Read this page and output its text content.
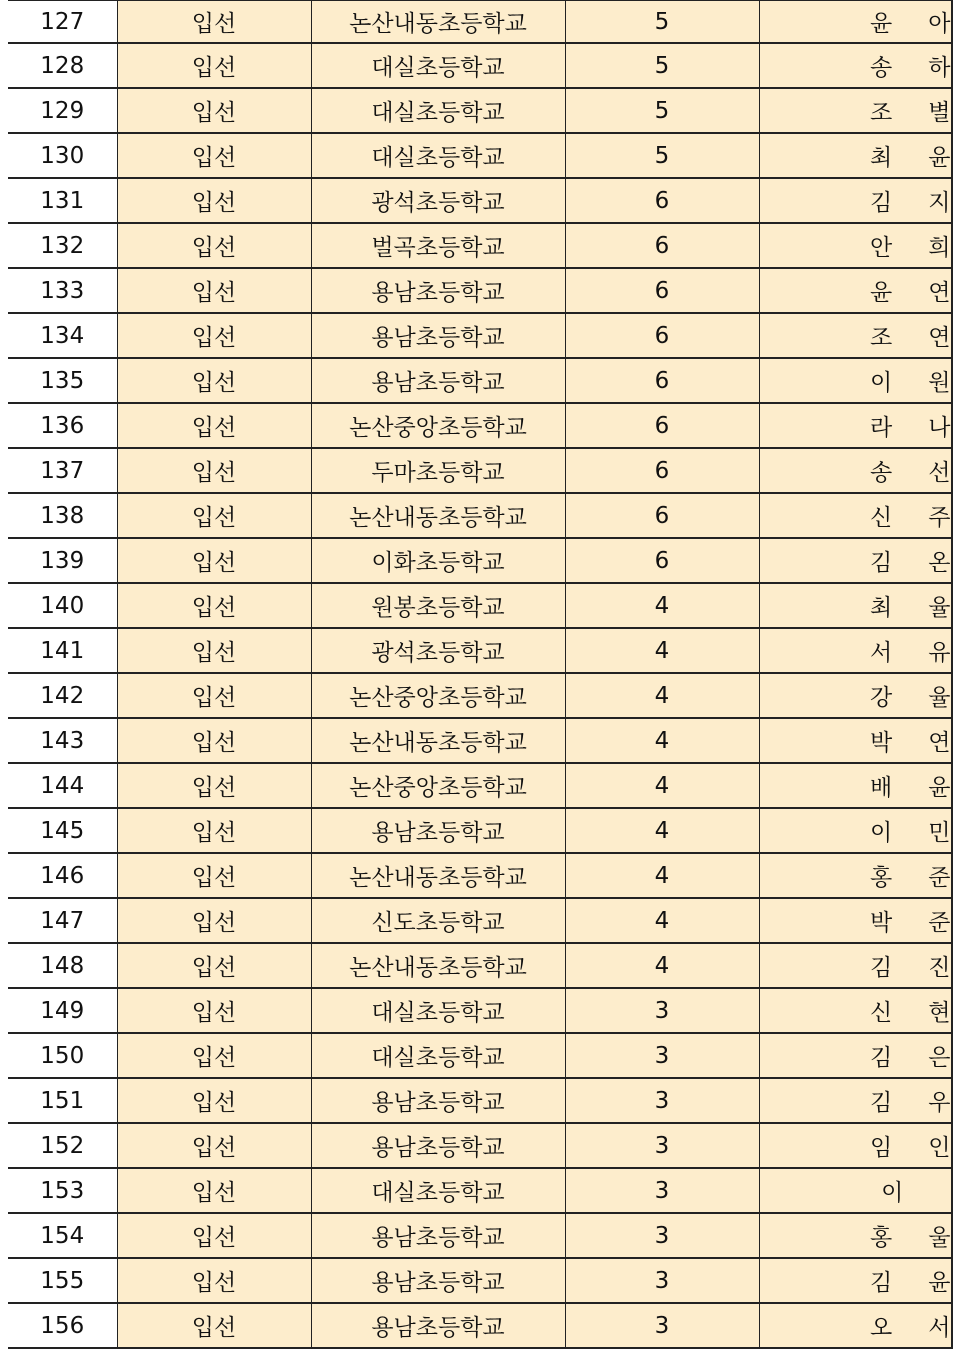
127	입선	논산내동초등학교	5	윤 아
128	입선	대실초등학교	5	송 하
129	입선	대실초등학교	5	조 별
130	입선	대실초등학교	5	최 윤
131	입선	광석초등학교	6	김 지
132	입선	벌곡초등학교	6	안 희
133	입선	용남초등학교	6	윤 연
134	입선	용남초등학교	6	조 연
135	입선	용남초등학교	6	이 원
136	입선	논산중앙초등학교	6	라 나
137	입선	두마초등학교	6	송 선
138	입선	논산내동초등학교	6	신 주
139	입선	이화초등학교	6	김 온
140	입선	원봉초등학교	4	최 율
141	입선	광석초등학교	4	서 유
142	입선	논산중앙초등학교	4	강 율
143	입선	논산내동초등학교	4	박 연
144	입선	논산중앙초등학교	4	배 윤
145	입선	용남초등학교	4	이 민
146	입선	논산내동초등학교	4	홍 준
147	입선	신도초등학교	4	박 준
148	입선	논산내동초등학교	4	김 진
149	입선	대실초등학교	3	신 현
150	입선	대실초등학교	3	김 은
151	입선	용남초등학교	3	김 우
152	입선	용남초등학교	3	임 인
153	입선	대실초등학교	3	이
154	입선	용남초등학교	3	홍 울
155	입선	용남초등학교	3	김 윤
156	입선	용남초등학교	3	오 서
